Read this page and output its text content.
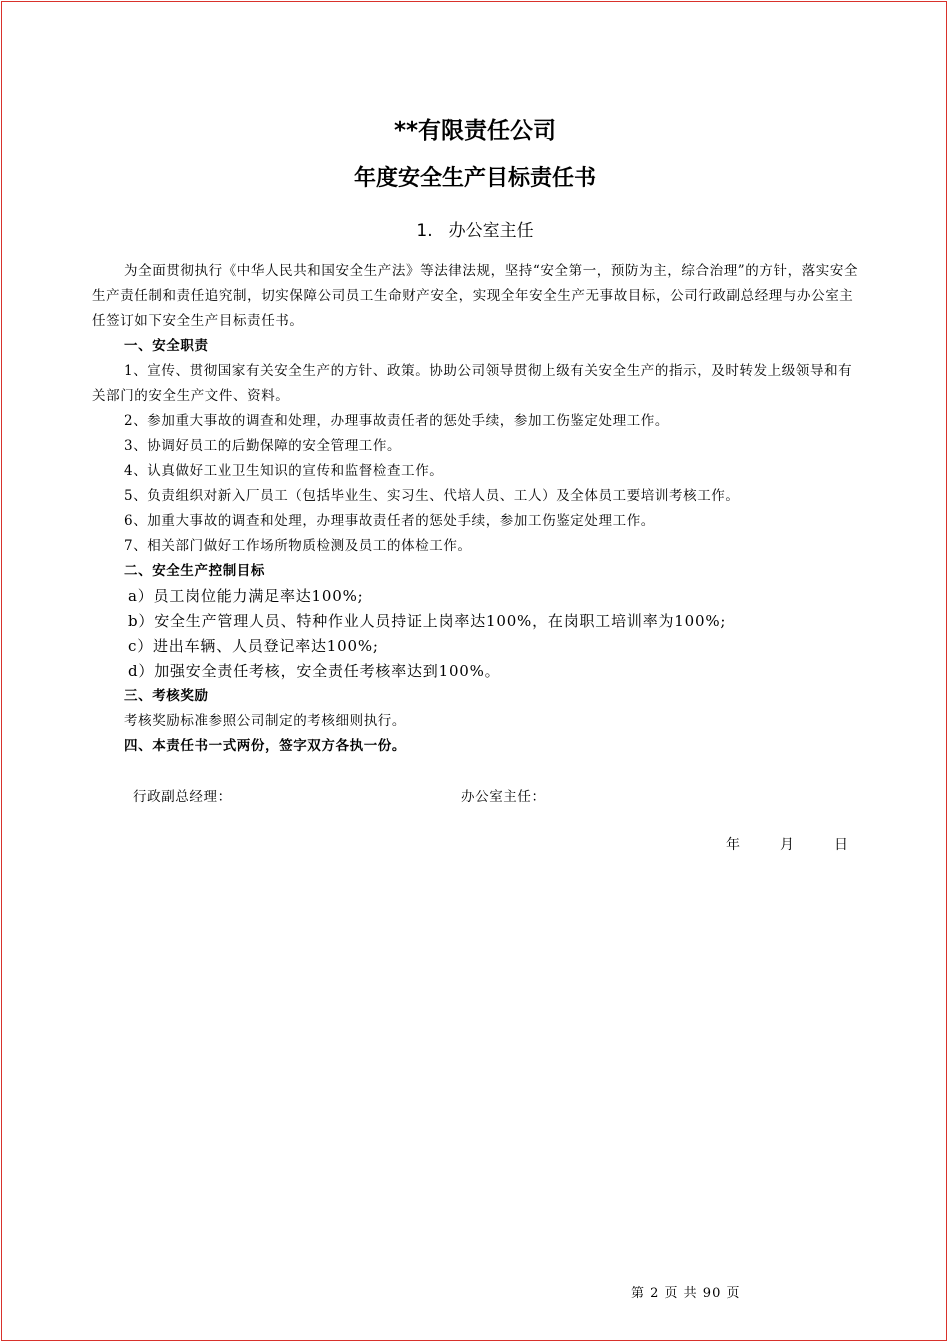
**有限责任公司
年度安全生产目标责任书
1. 办公室主任

为全面贯彻执行《中华人民共和国安全生产法》等法律法规，坚持“安全第一，预防为主，综合治理”的方针，落实安全生产责任制和责任追究制，切实保障公司员工生命财产安全，实现全年安全生产无事故目标，公司行政副总经理与办公室主任签订如下安全生产目标责任书。

一、安全职责

1、宣传、贯彻国家有关安全生产的方针、政策。协助公司领导贯彻上级有关安全生产的指示，及时转发上级领导和有关部门的安全生产文件、资料。

2、参加重大事故的调查和处理，办理事故责任者的惩处手续，参加工伤鉴定处理工作。

3、协调好员工的后勤保障的安全管理工作。

4、认真做好工业卫生知识的宣传和监督检查工作。

5、负责组织对新入厂员工（包括毕业生、实习生、代培人员、工人）及全体员工要培训考核工作。

6、加重大事故的调查和处理，办理事故责任者的惩处手续，参加工伤鉴定处理工作。

7、相关部门做好工作场所物质检测及员工的体检工作。

二、安全生产控制目标

a）员工岗位能力满足率达100%;

b）安全生产管理人员、特种作业人员持证上岗率达100%，在岗职工培训率为100%;

c）进出车辆、人员登记率达100%;

d）加强安全责任考核，安全责任考核率达到100%。

三、考核奖励

考核奖励标准参照公司制定的考核细则执行。

四、本责任书一式两份，签字双方各执一份。

行政副总经理：	办公室主任：
年	月	日
第 2 页 共 90 页
